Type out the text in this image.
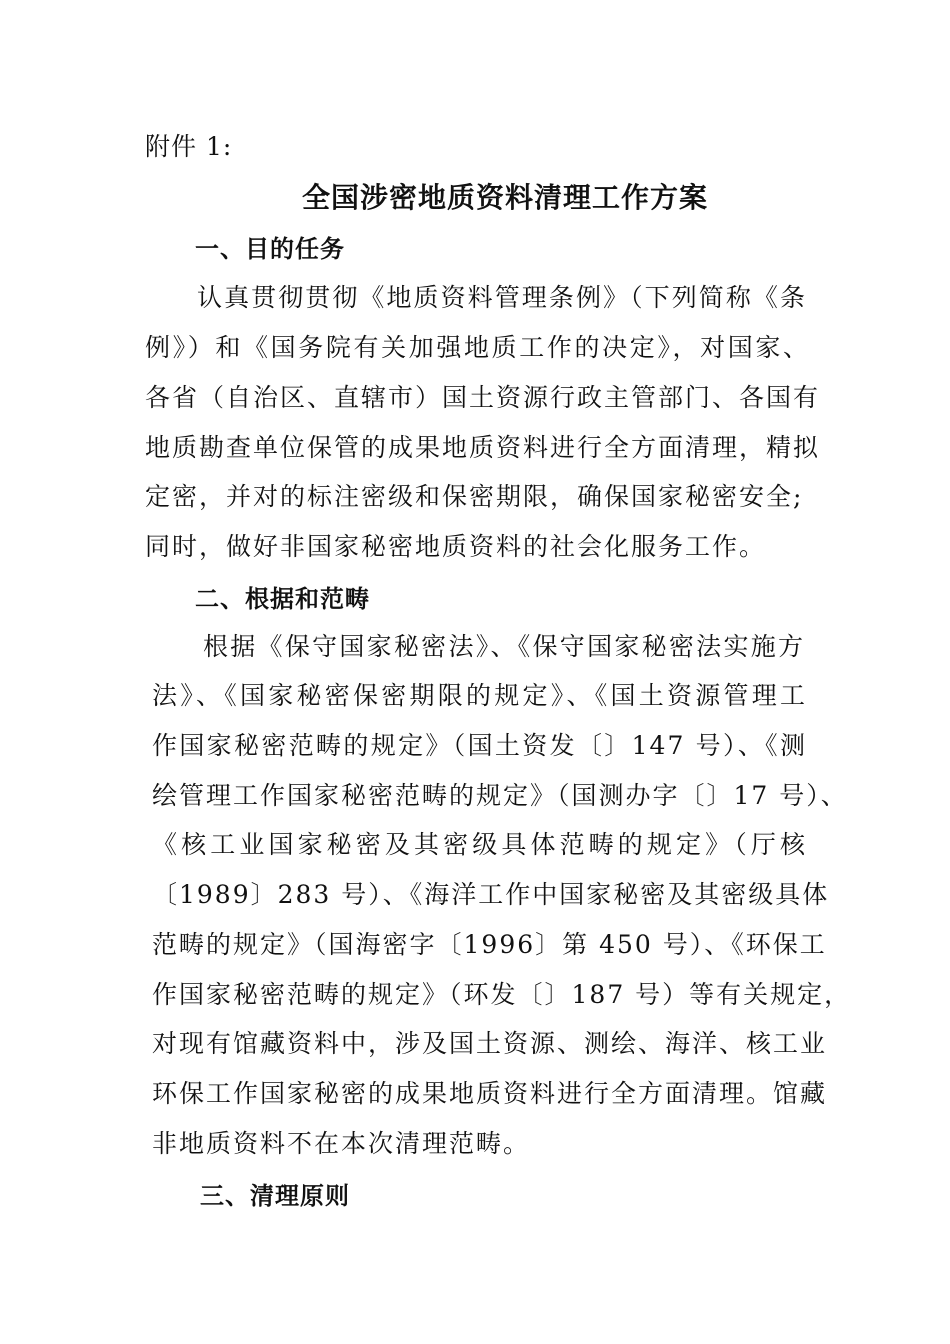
附件 1:
全国涉密地质资料清理工作方案
一、目的任务
认真贯彻贯彻《地质资料管理条例》（下列简称《条
例》）和《国务院有关加强地质工作的决定》，对国家、
各省（自治区、直辖市）国土资源行政主管部门、各国有
地质勘查单位保管的成果地质资料进行全方面清理，精拟
定密，并对的标注密级和保密期限，确保国家秘密安全;
同时，做好非国家秘密地质资料的社会化服务工作。
二、根据和范畴
根据《保守国家秘密法》、《保守国家秘密法实施方
法》、《国家秘密保密期限的规定》、《国土资源管理工
作国家秘密范畴的规定》（国土资发〔〕147 号）、《测
绘管理工作国家秘密范畴的规定》（国测办字〔〕17 号）、
《核工业国家秘密及其密级具体范畴的规定》（厅核
〔1989〕283 号）、《海洋工作中国家秘密及其密级具体
范畴的规定》（国海密字〔1996〕第 450 号）、《环保工
作国家秘密范畴的规定》（环发〔〕187 号）等有关规定，
对现有馆藏资料中，涉及国土资源、测绘、海洋、核工业
环保工作国家秘密的成果地质资料进行全方面清理。馆藏
非地质资料不在本次清理范畴。
三、清理原则
